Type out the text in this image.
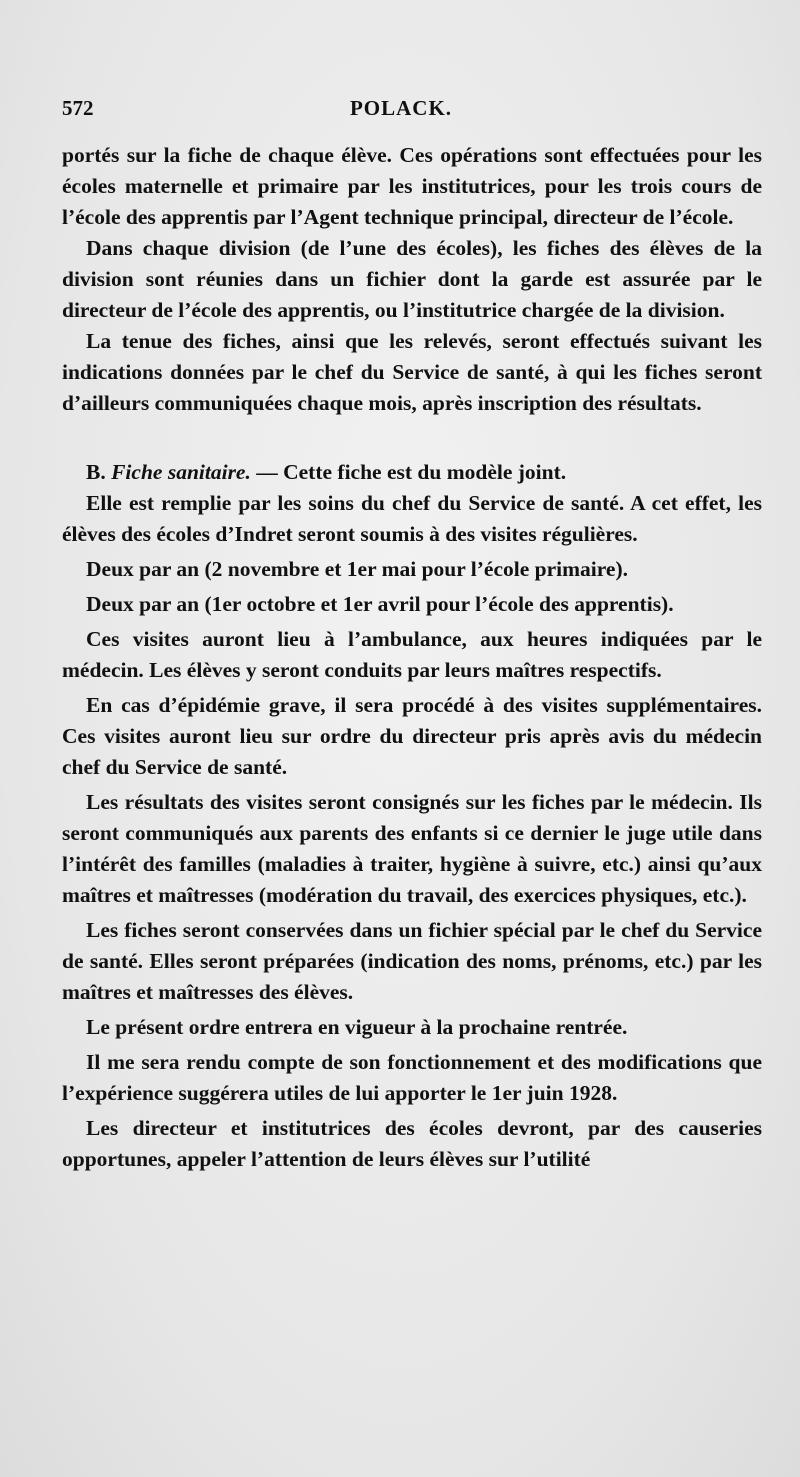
572	POLACK.

portés sur la fiche de chaque élève. Ces opérations sont effectuées pour les écoles maternelle et primaire par les institutrices, pour les trois cours de l’école des apprentis par l’Agent technique principal, directeur de l’école.

Dans chaque division (de l’une des écoles), les fiches des élèves de la division sont réunies dans un fichier dont la garde est assurée par le directeur de l’école des apprentis, ou l’institutrice chargée de la division.

La tenue des fiches, ainsi que les relevés, seront effectués suivant les indications données par le chef du Service de santé, à qui les fiches seront d’ailleurs communiquées chaque mois, après inscription des résultats.

B. Fiche sanitaire. — Cette fiche est du modèle joint.

Elle est remplie par les soins du chef du Service de santé. A cet effet, les élèves des écoles d’Indret seront soumis à des visites régulières.

Deux par an (2 novembre et 1er mai pour l’école primaire).

Deux par an (1er octobre et 1er avril pour l’école des apprentis).

Ces visites auront lieu à l’ambulance, aux heures indiquées par le médecin. Les élèves y seront conduits par leurs maîtres respectifs.

En cas d’épidémie grave, il sera procédé à des visites supplémentaires. Ces visites auront lieu sur ordre du directeur pris après avis du médecin chef du Service de santé.

Les résultats des visites seront consignés sur les fiches par le médecin. Ils seront communiqués aux parents des enfants si ce dernier le juge utile dans l’intérêt des familles (maladies à traiter, hygiène à suivre, etc.) ainsi qu’aux maîtres et maîtresses (modération du travail, des exercices physiques, etc.).

Les fiches seront conservées dans un fichier spécial par le chef du Service de santé. Elles seront préparées (indication des noms, prénoms, etc.) par les maîtres et maîtresses des élèves.

Le présent ordre entrera en vigueur à la prochaine rentrée.

Il me sera rendu compte de son fonctionnement et des modifications que l’expérience suggérera utiles de lui apporter le 1er juin 1928.

Les directeur et institutrices des écoles devront, par des causeries opportunes, appeler l’attention de leurs élèves sur l’utilité
